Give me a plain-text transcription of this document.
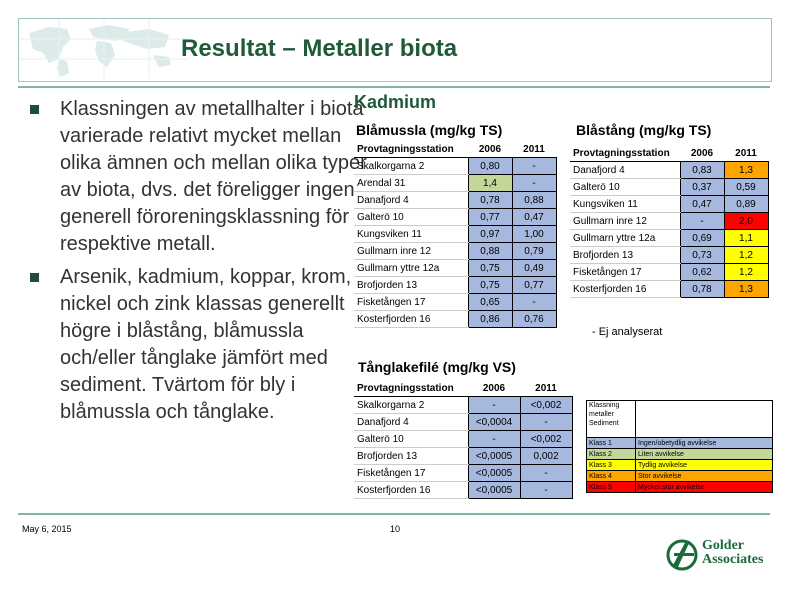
Resultat – Metaller biota
Klassningen av metallhalter i biota varierade relativt mycket mellan olika ämnen och mellan olika typer av biota, dvs. det föreligger ingen generell föroreningsklassning för respektive metall.
Arsenik, kadmium, koppar, krom, nickel och zink klassas generellt högre i blåstång, blåmussla och/eller tånglake jämfört med sediment. Tvärtom för bly i blåmussla och tånglake.
Kadmium
Blåmussla (mg/kg TS)
Provtagningsstation	2006	2011
Skalkorgarna 2	0,80	-
Arendal 31	1,4	-
Danafjord 4	0,78	0,88
Galterö 10	0,77	0,47
Kungsviken 11	0,97	1,00
Gullmarn inre 12	0,88	0,79
Gullmarn yttre 12a	0,75	0,49
Brofjorden 13	0,75	0,77
Fisketången 17	0,65	-
Kosterfjorden 16	0,86	0,76
Blåstång (mg/kg TS)
Provtagningsstation	2006	2011
Danafjord 4	0,83	1,3
Galterö 10	0,37	0,59
Kungsviken 11	0,47	0,89
Gullmarn inre 12	-	2,0
Gullmarn yttre 12a	0,69	1,1
Brofjorden 13	0,73	1,2
Fisketången 17	0,62	1,2
Kosterfjorden 16	0,78	1,3
- Ej analyserat
Tånglakefilé (mg/kg VS)
Provtagningsstation	2006	2011
Skalkorgarna 2	-	<0,002
Danafjord 4	<0,0004	-
Galterö 10	-	<0,002
Brofjorden 13	<0,0005	0,002
Fisketången 17	<0,0005	-
Kosterfjorden 16	<0,0005	-
Klassning metaller Sediment	
Klass 1	Ingen/obetydlig avvikelse
Klass 2	Liten avvikelse
Klass 3	Tydlig avvikelse
Klass 4	Stor avvikelse
Klass 5	Mycket stor avvikelse
May 6, 2015	10
Golder
Associates
